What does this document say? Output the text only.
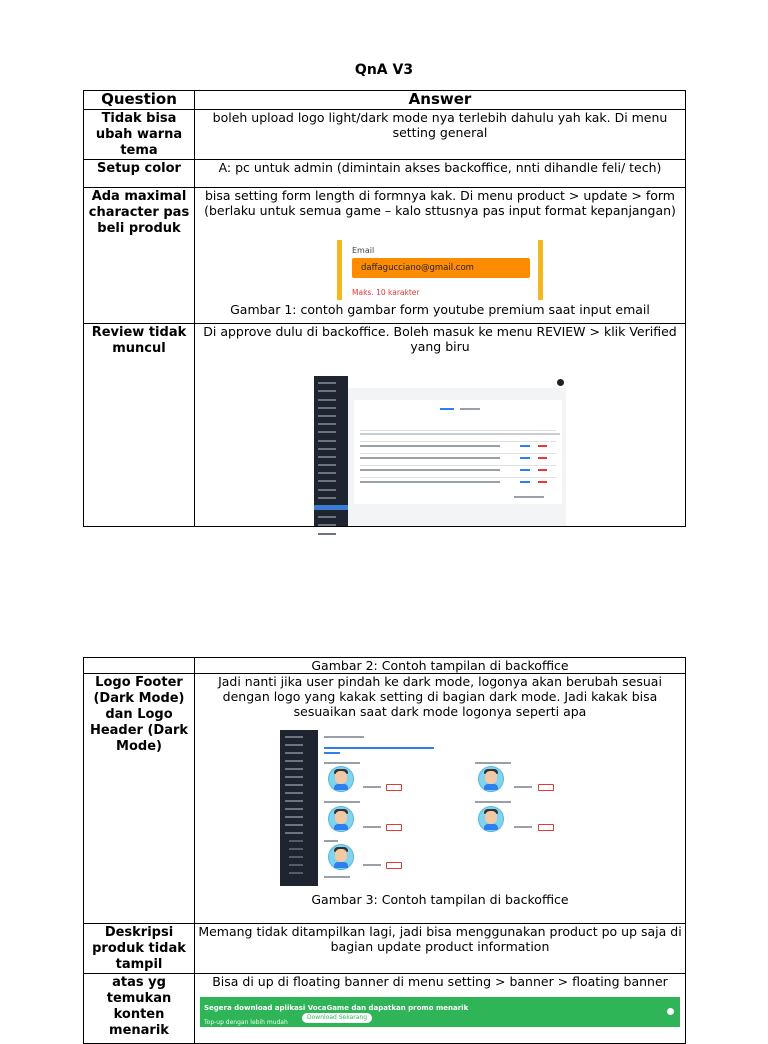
QnA V3
Question	Answer
Tidak bisa ubah warna tema	boleh upload logo light/dark mode nya terlebih dahulu yah kak. Di menu setting general
Setup color	A: pc untuk admin (dimintain akses backoffice, nnti dihandle feli/ tech)
Ada maximal character pas beli produk	bisa setting form length di formnya kak. Di menu product > update > form (berlaku untuk semua game – kalo sttusnya pas input format kepanjangan)
Email
daffagucciano@gmail.com
Maks. 10 karakter
Gambar 1: contoh gambar form youtube premium saat input email

Review tidak muncul	Di approve dulu di backoffice. Boleh masuk ke menu REVIEW > klik Verified yang biru
	Gambar 2: Contoh tampilan di backoffice
Logo Footer (Dark Mode) dan Logo Header (Dark Mode)	Jadi nanti jika user pindah ke dark mode, logonya akan berubah sesuai dengan logo yang kakak setting di bagian dark mode. Jadi kakak bisa sesuaikan saat dark mode logonya seperti apa
Gambar 3: Contoh tampilan di backoffice

Deskripsi produk tidak tampil	Memang tidak ditampilkan lagi, jadi bisa menggunakan product po up saja di bagian update product information
atas yg temukan konten menarik	Bisa di up di floating banner di menu setting > banner > floating banner
Segera download aplikasi VocaGame dan dapatkan promo menarik
Top-up dengan lebih mudah
Download Sekarang
